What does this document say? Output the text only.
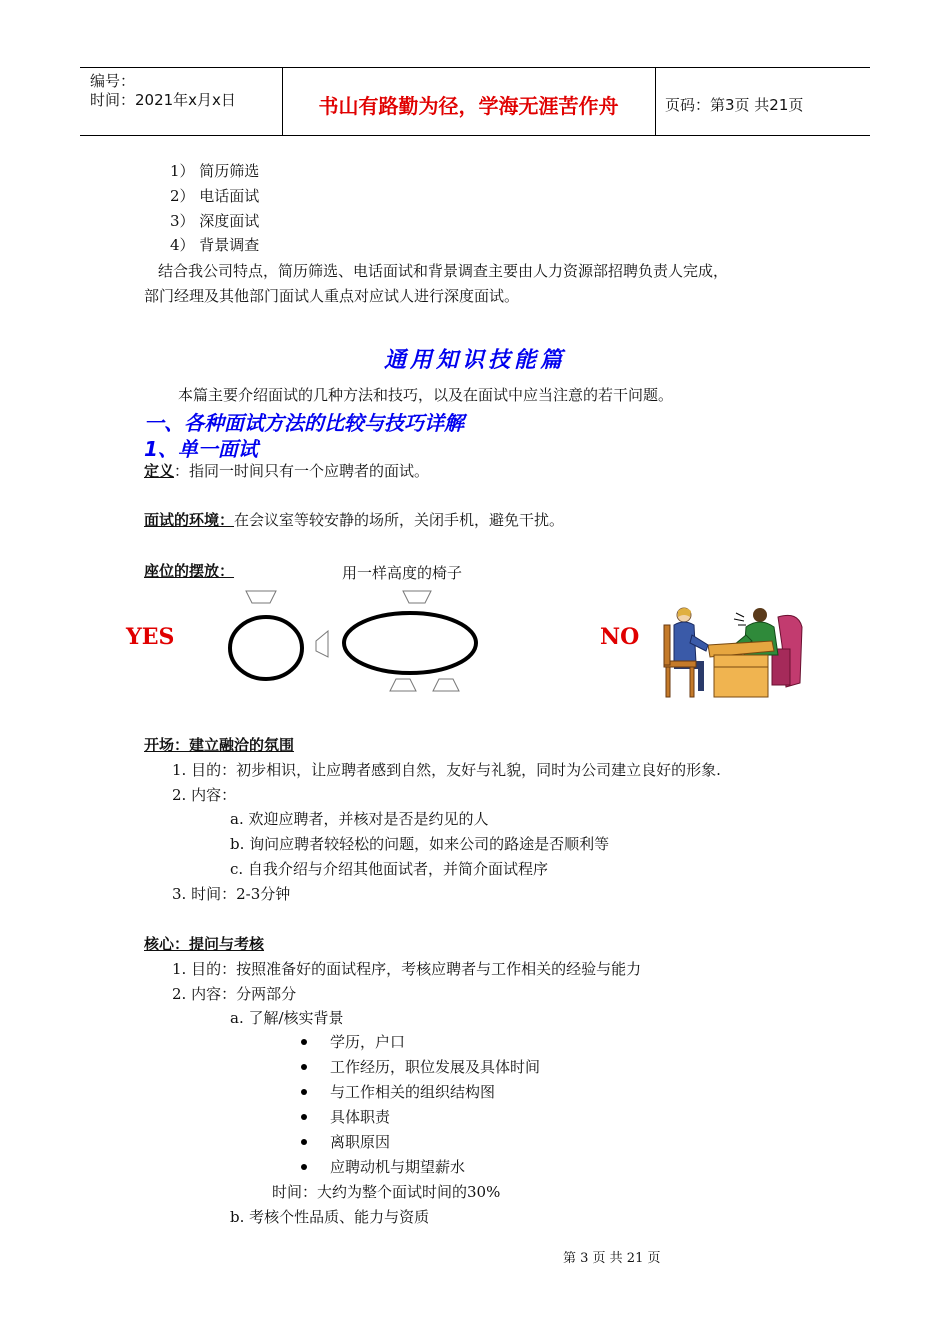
编号：
时间：2021年x月x日	书山有路勤为径，学海无涯苦作舟	页码：第3页 共21页
1） 简历筛选
2） 电话面试
3） 深度面试
4） 背景调查
结合我公司特点，简历筛选、电话面试和背景调查主要由人力资源部招聘负责人完成，
部门经理及其他部门面试人重点对应试人进行深度面试。
通用知识技能篇
本篇主要介绍面试的几种方法和技巧，以及在面试中应当注意的若干问题。
一、各种面试方法的比较与技巧详解
1、单一面试
定义：指同一时间只有一个应聘者的面试。
面试的环境：在会议室等较安静的场所，关闭手机，避免干扰。
座位的摆放：	用一样高度的椅子
YES	NO
开场：建立融洽的氛围
1. 目的：初步相识，让应聘者感到自然，友好与礼貌，同时为公司建立良好的形象.
2. 内容：
a. 欢迎应聘者，并核对是否是约见的人
b. 询问应聘者较轻松的问题，如来公司的路途是否顺利等
c. 自我介绍与介绍其他面试者，并简介面试程序
3. 时间：2-3分钟
核心：提问与考核
1. 目的：按照准备好的面试程序，考核应聘者与工作相关的经验与能力
2. 内容：分两部分
a. 了解/核实背景
学历，户口
工作经历，职位发展及具体时间
与工作相关的组织结构图
具体职责
离职原因
应聘动机与期望薪水
时间：大约为整个面试时间的30%
b. 考核个性品质、能力与资质
第 3 页 共 21 页
